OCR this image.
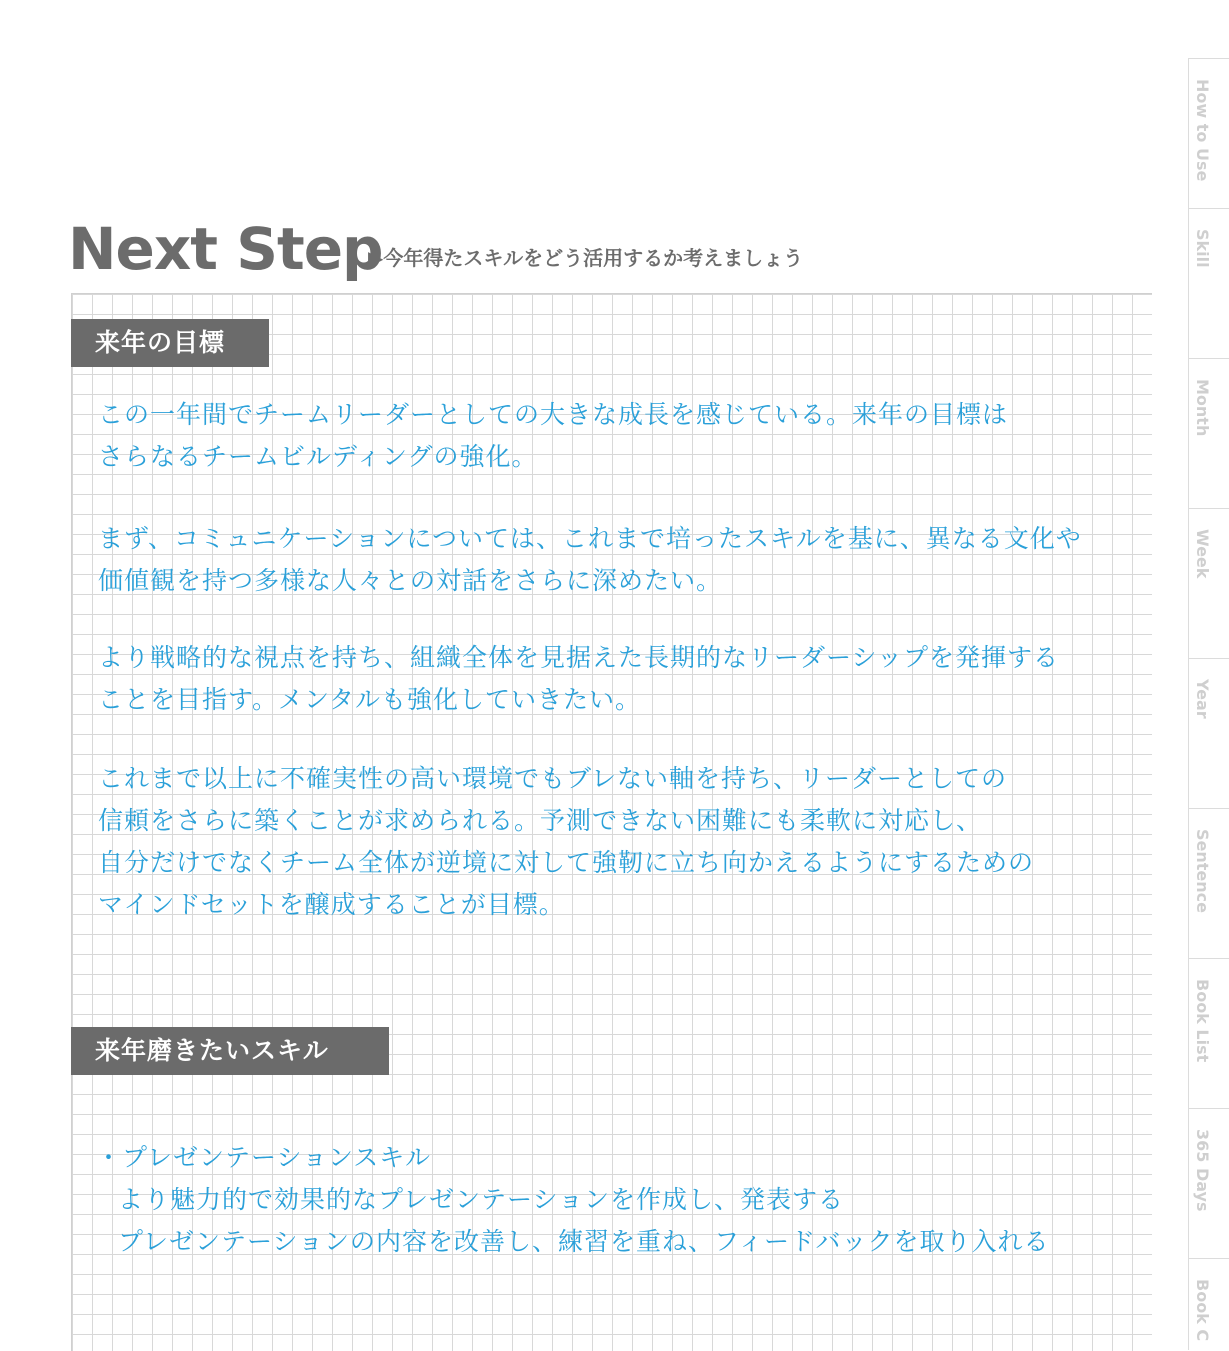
Next Step
▶今年得たスキルをどう活用するか考えましょう
来年の目標
この一年間でチームリーダーとしての大きな成長を感じている。来年の目標は
さらなるチームビルディングの強化。
まず、コミュニケーションについては、これまで培ったスキルを基に、異なる文化や
価値観を持つ多様な人々との対話をさらに深めたい。
より戦略的な視点を持ち、組織全体を見据えた長期的なリーダーシップを発揮する
ことを目指す。メンタルも強化していきたい。
これまで以上に不確実性の高い環境でもブレない軸を持ち、リーダーとしての
信頼をさらに築くことが求められる。予測できない困難にも柔軟に対応し、
自分だけでなくチーム全体が逆境に対して強靭に立ち向かえるようにするための
マインドセットを醸成することが目標。
来年磨きたいスキル
・プレゼンテーションスキル
より魅力的で効果的なプレゼンテーションを作成し、発表する
プレゼンテーションの内容を改善し、練習を重ね、フィードバックを取り入れる
How to Use
Skill
Month
Week
Year
Sentence
Book List
365 Days
Book C
